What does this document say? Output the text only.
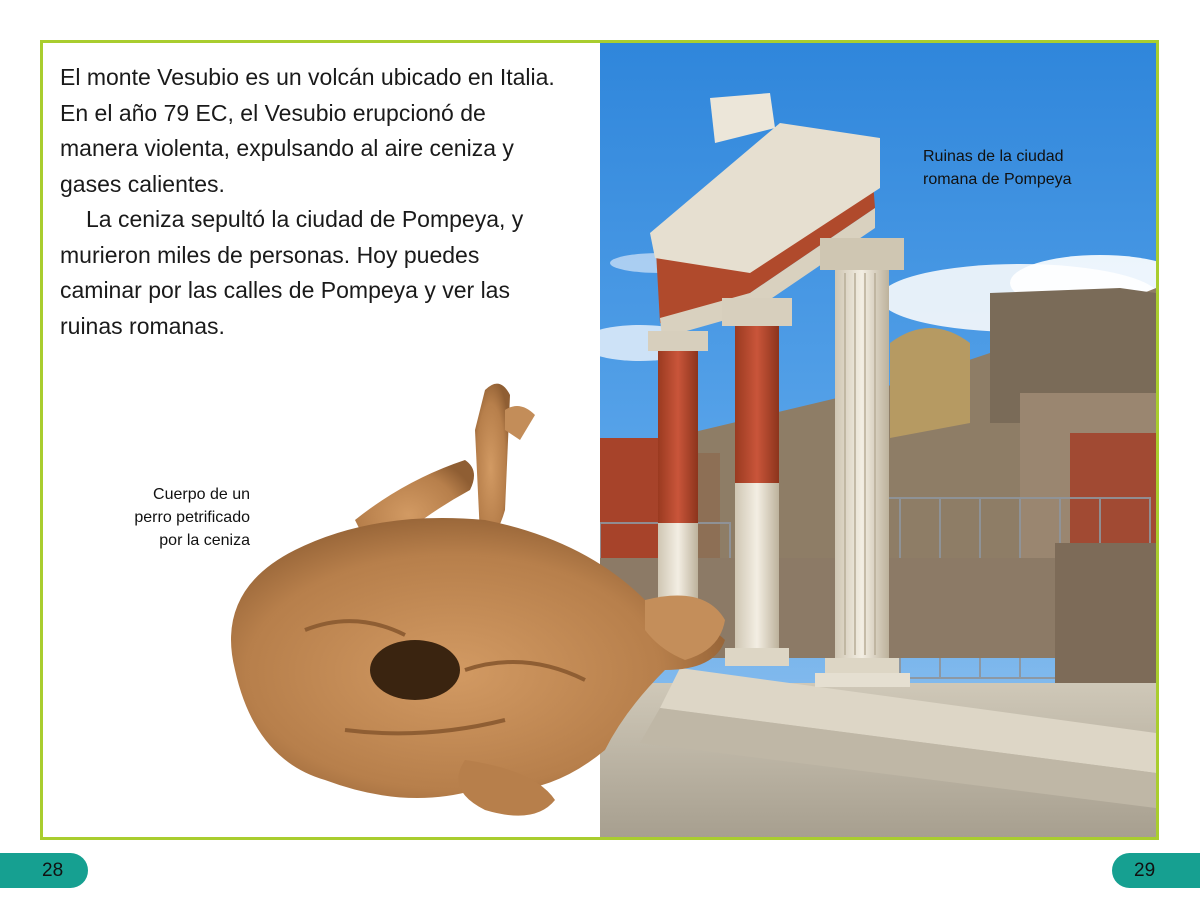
El monte Vesubio es un volcán ubicado en Italia. En el año 79 EC, el Vesubio erupcionó de manera violenta, expulsando al aire ceniza y gases calientes.

La ceniza sepultó la ciudad de Pompeya, y murieron miles de personas. Hoy puedes caminar por las calles de Pompeya y ver las ruinas romanas.

Cuerpo de un
perro petrificado
por la ceniza
Ruinas de la ciudad
romana de Pompeya
28	29
